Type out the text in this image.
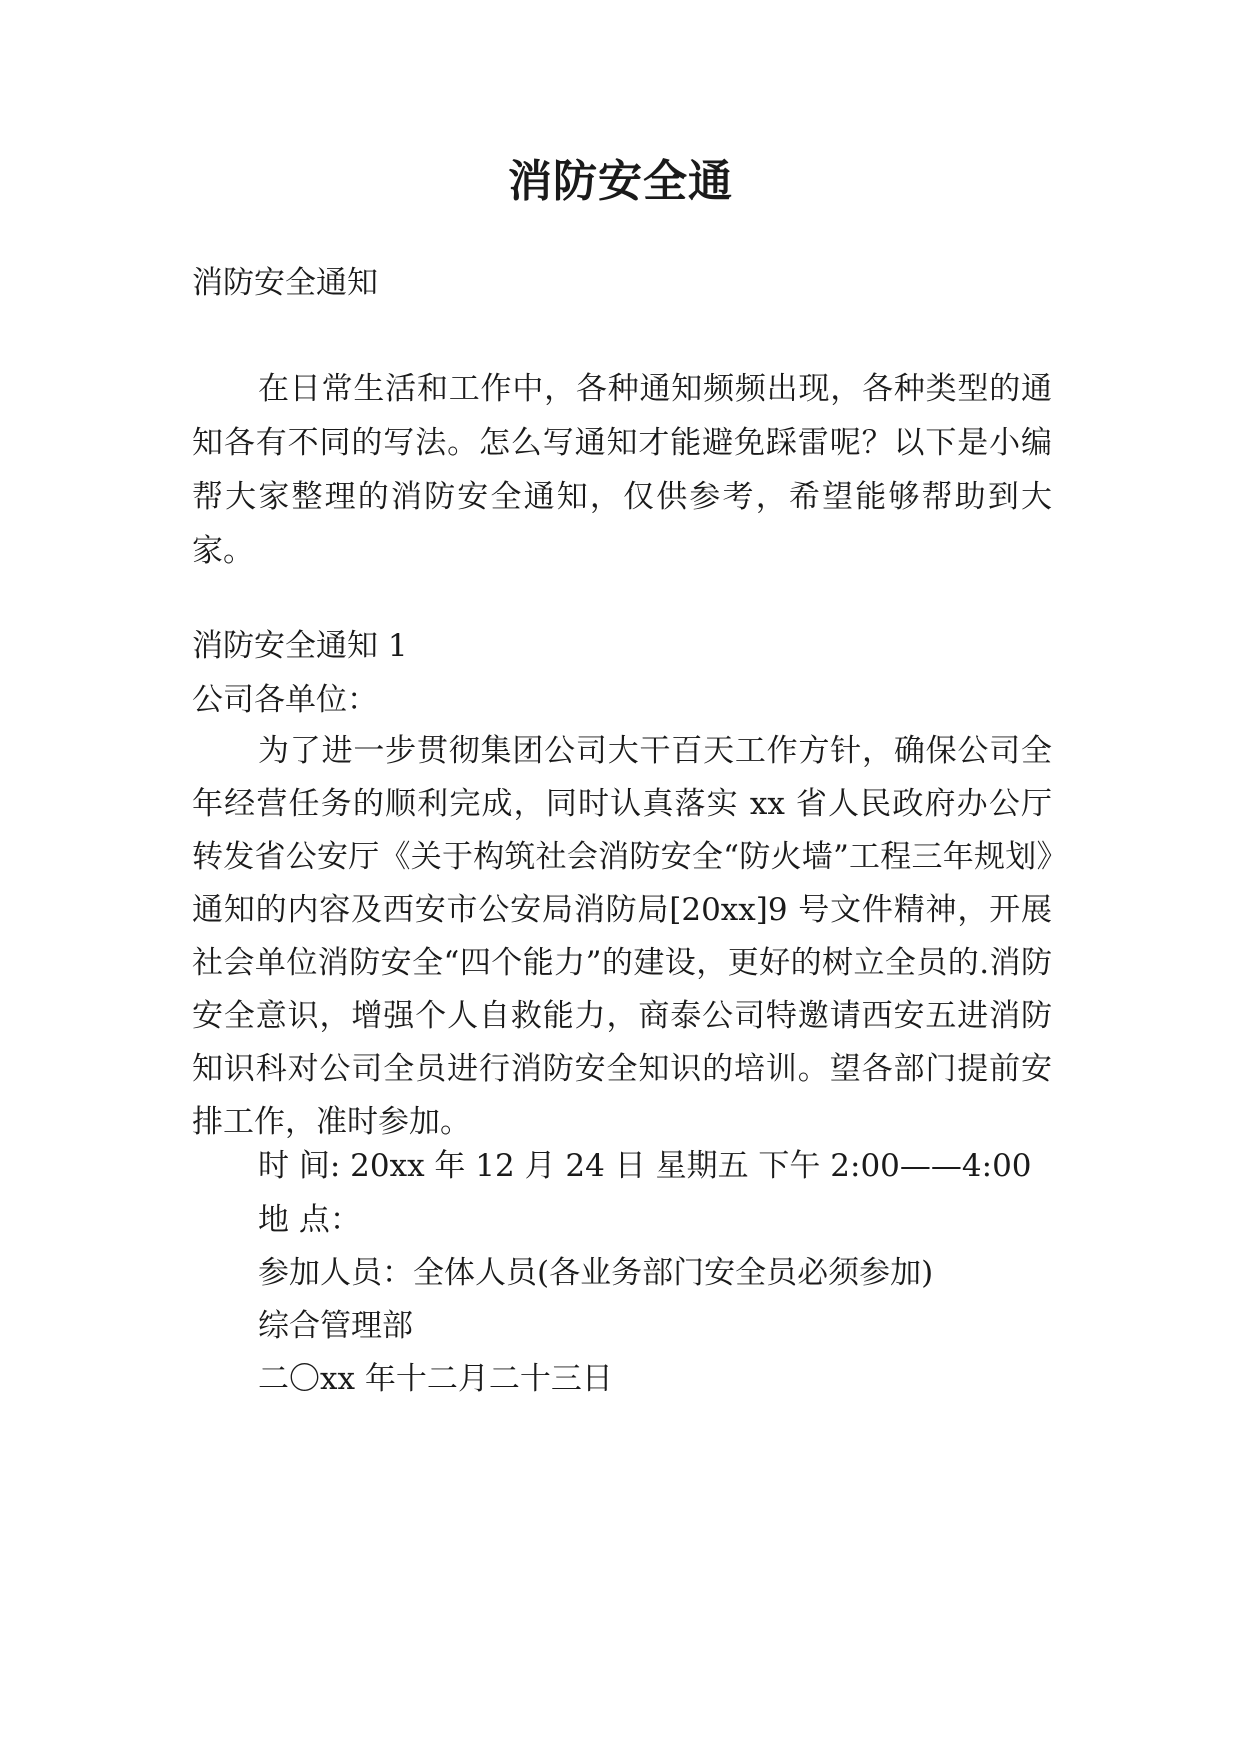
消防安全通
消防安全通知
在日常生活和工作中，各种通知频频出现，各种类型的通知各有不同的写法。怎么写通知才能避免踩雷呢？以下是小编帮大家整理的消防安全通知，仅供参考，希望能够帮助到大家。
消防安全通知 1
公司各单位：
为了进一步贯彻集团公司大干百天工作方针，确保公司全年经营任务的顺利完成，同时认真落实 xx 省人民政府办公厅转发省公安厅《关于构筑社会消防安全“防火墙”工程三年规划》通知的内容及西安市公安局消防局[20xx]9 号文件精神，开展社会单位消防安全“四个能力”的建设，更好的树立全员的.消防安全意识，增强个人自救能力，商泰公司特邀请西安五进消防知识科对公司全员进行消防安全知识的培训。望各部门提前安排工作，准时参加。
时 间: 20xx 年 12 月 24 日 星期五 下午 2:00——4:00
地 点：
参加人员：全体人员(各业务部门安全员必须参加)
综合管理部
二〇xx 年十二月二十三日
